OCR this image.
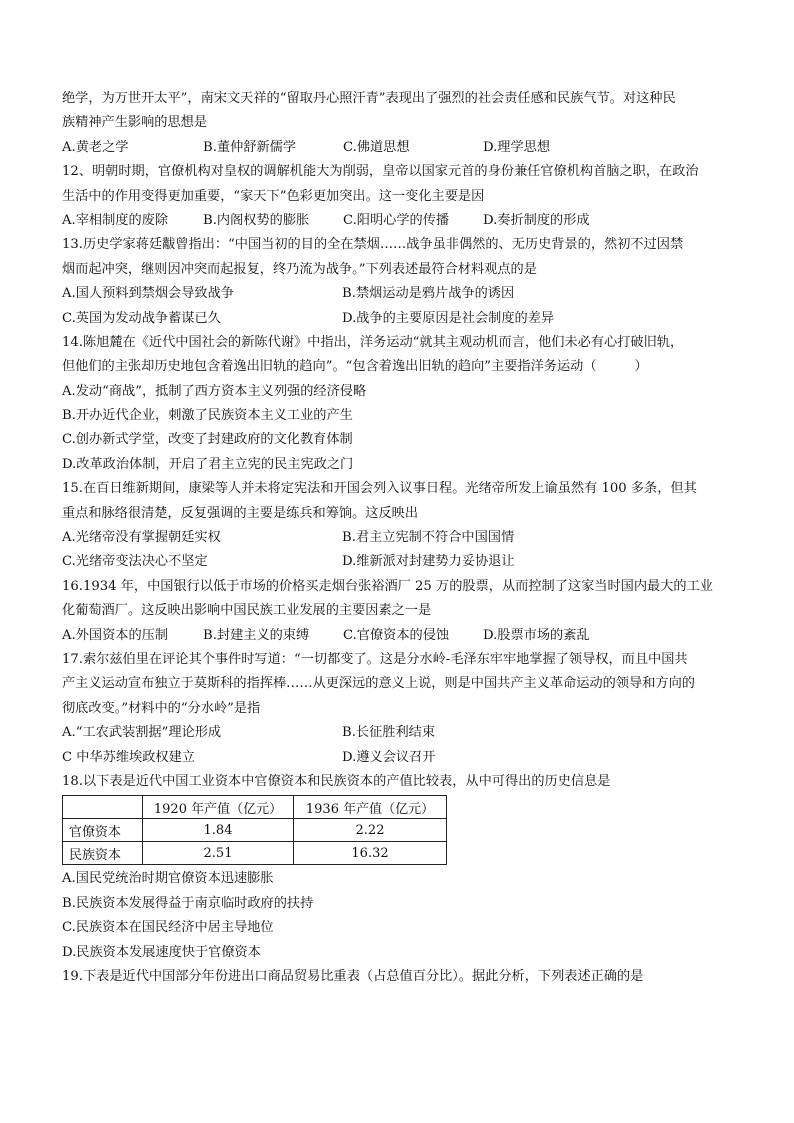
绝学，为万世开太平”，南宋文天祥的“留取丹心照汗青”表现出了强烈的社会责任感和民族气节。对这种民
族精神产生影响的思想是
A.黄老之学	B.董仲舒新儒学	C.佛道思想	D.理学思想
12、明朝时期，官僚机构对皇权的调解机能大为削弱，皇帝以国家元首的身份兼任官僚机构首脑之职，在政治
生活中的作用变得更加重要，“家天下”色彩更加突出。这一变化主要是因
A.宰相制度的废除	B.内阁权势的膨胀	C.阳明心学的传播	D.奏折制度的形成
13.历史学家蒋廷黻曾指出：“中国当初的目的全在禁烟……战争虽非偶然的、无历史背景的，然初不过因禁
烟而起冲突，继则因冲突而起报复，终乃流为战争。”下列表述最符合材料观点的是
A.国人预料到禁烟会导致战争	B.禁烟运动是鸦片战争的诱因
C.英国为发动战争蓄谋已久	D.战争的主要原因是社会制度的差异
14.陈旭麓在《近代中国社会的新陈代谢》中指出，洋务运动“就其主观动机而言，他们未必有心打破旧轨，
但他们的主张却历史地包含着逸出旧轨的趋向”。“包含着逸出旧轨的趋向”主要指洋务运动（	）
A.发动“商战”，抵制了西方资本主义列强的经济侵略
B.开办近代企业，刺激了民族资本主义工业的产生
C.创办新式学堂，改变了封建政府的文化教育体制
D.改革政治体制，开启了君主立宪的民主宪政之门
15.在百日维新期间，康梁等人并未将定宪法和开国会列入议事日程。光绪帝所发上谕虽然有 100 多条，但其
重点和脉络很清楚，反复强调的主要是练兵和筹饷。这反映出
A.光绪帝没有掌握朝廷实权	B.君主立宪制不符合中国国情
C.光绪帝变法决心不坚定	D.维新派对封建势力妥协退让
16.1934 年，中国银行以低于市场的价格买走烟台张裕酒厂 25 万的股票，从而控制了这家当时国内最大的工业
化葡萄酒厂。这反映出影响中国民族工业发展的主要因素之一是
A.外国资本的压制	B.封建主义的束缚	C.官僚资本的侵蚀	D.股票市场的紊乱
17.索尔兹伯里在评论其个事件时写道：“一切都变了。这是分水岭-毛泽东牢牢地掌握了领导权，而且中国共
产主义运动宣布独立于莫斯科的指挥棒……从更深远的意义上说，则是中国共产主义革命运动的领导和方向的
彻底改变。”材料中的“分水岭”是指
A.“工农武装割据”理论形成	B.长征胜利结束
C 中华苏维埃政权建立	D.遵义会议召开
18.以下表是近代中国工业资本中官僚资本和民族资本的产值比较表，从中可得出的历史信息是
	1920 年产值（亿元）	1936 年产值（亿元）
官僚资本	1.84	2.22
民族资本	2.51	16.32
A.国民党统治时期官僚资本迅速膨胀
B.民族资本发展得益于南京临时政府的扶持
C.民族资本在国民经济中居主导地位
D.民族资本发展速度快于官僚资本
19.下表是近代中国部分年份进出口商品贸易比重表（占总值百分比）。据此分析，下列表述正确的是
